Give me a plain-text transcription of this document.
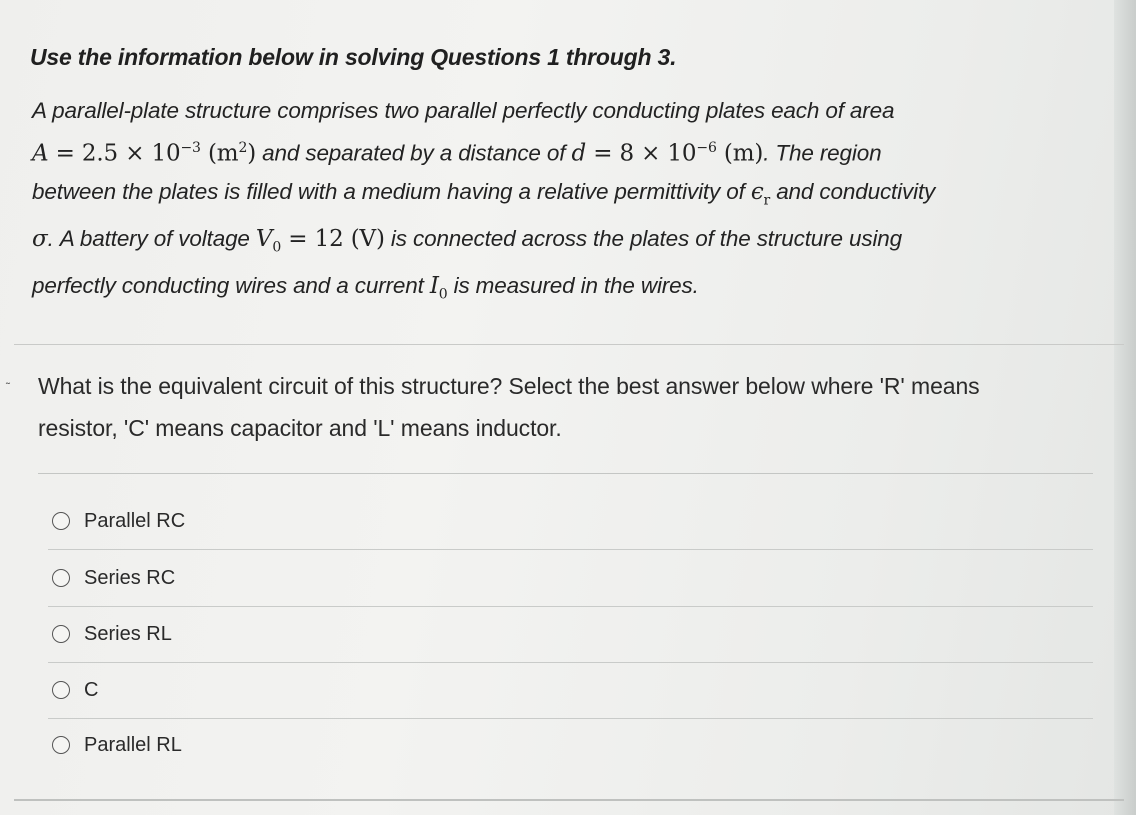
Use the information below in solving Questions 1 through 3.
A parallel-plate structure comprises two parallel perfectly conducting plates each of area
$A = 2.5 \times 10^{-3}$ $(m^2)$ and separated by a distance of $d = 8 \times 10^{-6}$ (m). The region
between the plates is filled with a medium having a relative permittivity of $\epsilon_r$ and conductivity
σ. A battery of voltage $V_0 = 12$ (V) is connected across the plates of the structure using
perfectly conducting wires and a current $I_0$ is measured in the wires.
˜ What is the equivalent circuit of this structure? Select the best answer below where 'R' means resistor, 'C' means capacitor and 'L' means inductor.
Parallel RC
Series RC
Series RL
C
Parallel RL
